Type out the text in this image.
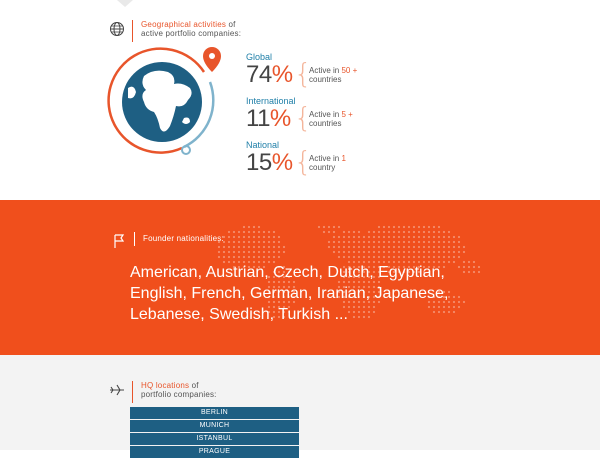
Geographical activities of
active portfolio companies:
Global
74% {
Active in 50 +
countries
International
11% {
Active in 5 +
countries
National
15% {
Active in 1
country
Founder nationalities:
American, Austrian, Czech, Dutch, Egyptian, English, French, German, Iranian, Japanese, Lebanese, Swedish, Turkish ...
HQ locations of
portfolio companies:
BERLIN
MUNICH
ISTANBUL
PRAGUE
